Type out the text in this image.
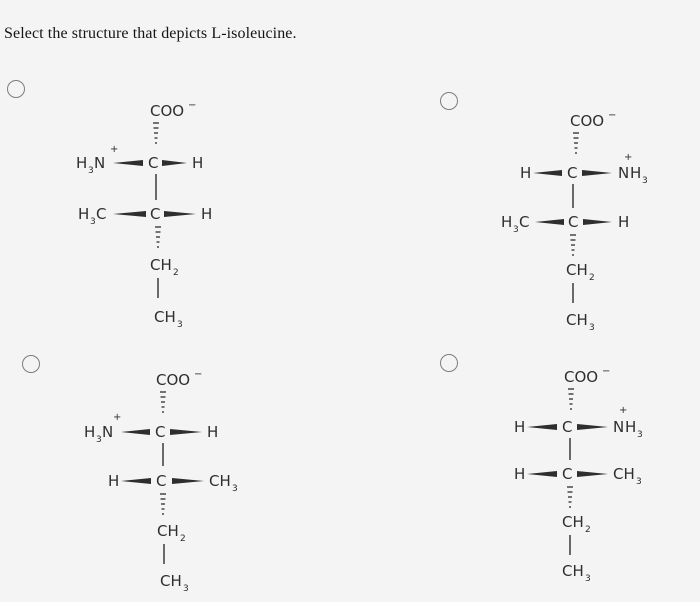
Select the structure that depicts L-isoleucine.

COO −
+
H 3 N	C H
H 3 C	C	H
CH 2
CH 3
COO −
H C	N
+
H 3
H 3 C	C	H
CH 2
CH 3
COO −
+
H 3 N	C	H
H C	CH 3
CH 2
CH 3
COO −
H C	N
+
H 3
H C	CH 3
CH 2
CH 3
